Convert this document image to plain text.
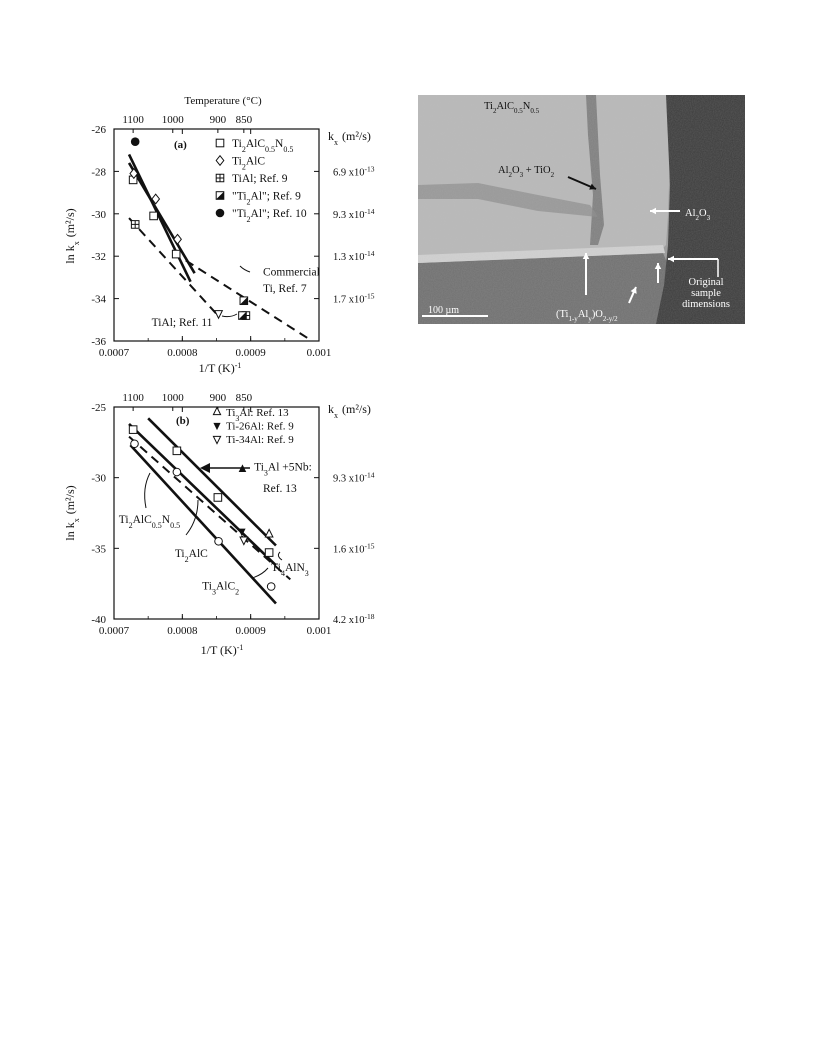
Temperature (°C)
1100 1000 900 850
0.0007	0.0008	0.0009	0.001
-26
-28
-30
-32
-34
-36
(a)	$Ti_2AlC_{0.5}N_{0.5}$
$Ti_2AlC$
TiAl; Ref. 9
"$Ti_2Al$"; Ref. 9
"$Ti_2Al$"; Ref. 10
Commercial
Ti, Ref. 7
TiAl; Ref. 11
$\ln k_x(m^2/s)$
$k_x$ (m²/s)
6.9 $x10^{-13}$
9.3 $x10^{-14}$
1.3 $x10^{-14}$
1.7 $x10^{-15}$
1/T $(K)^{-1}$
1100 1000 900 850
0.0007	0.0008	0.0009	0.001
-25
-30
-35
-40
(b)
$Ti_3Al$: Ref. 13
Ti-26Al: Ref. 9
Ti-34Al: Ref. 9
$Ti_3Al +5Nb$:
Ref. 13
$Ti_2AlC_{0.5}N_{0.5}$
$Ti_2AlC$
$Ti_3AlC_2$
$Ti_4AlN_3$
$\ln k_x(m^2/s)$
$k_x$ (m²/s)
9.3 $x10^{-14}$
1.6 $x10^{-15}$
4.2 $x10^{-18}$
1/T $(K)^{-1}$
$Ti_2AlC_{0.5}N_{0.5}$
$Al_2O_3 + TiO_2$
$Al_2O_3$
Original
sample
dimensions
$(Ti_{1-y}Al_y)O_{2-y/2}$
100 µm
